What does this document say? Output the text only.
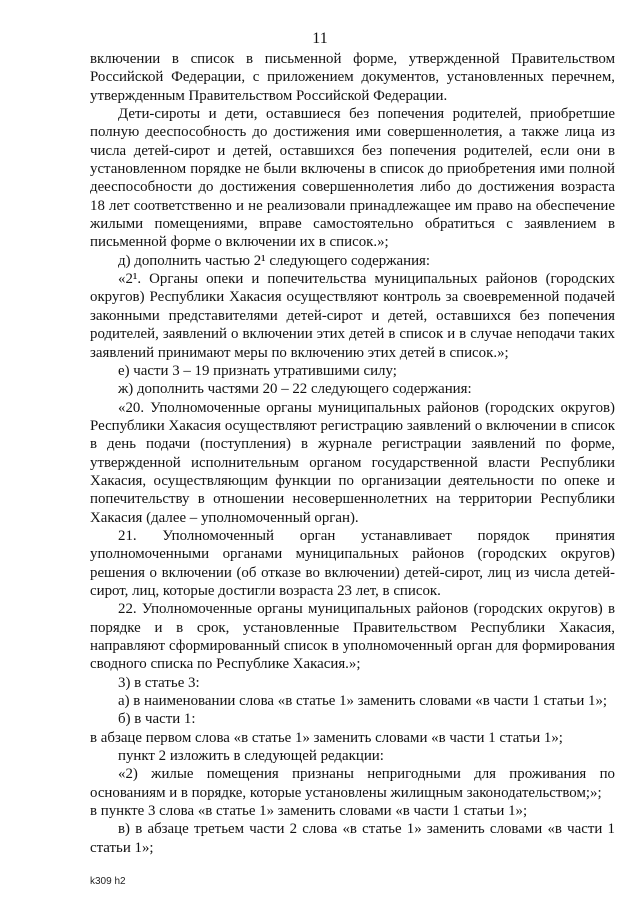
11

включении в список в письменной форме, утвержденной Правительством Российской Федерации, с приложением документов, установленных перечнем, утвержденным Правительством Российской Федерации.

Дети-сироты и дети, оставшиеся без попечения родителей, приобретшие полную дееспособность до достижения ими совершеннолетия, а также лица из числа детей-сирот и детей, оставшихся без попечения родителей, если они в установленном порядке не были включены в список до приобретения ими полной дееспособности до достижения совершеннолетия либо до достижения возраста 18 лет соответственно и не реализовали принадлежащее им право на обеспечение жилыми помещениями, вправе самостоятельно обратиться с заявлением в письменной форме о включении их в список.»;

д) дополнить частью 2¹ следующего содержания:

«2¹. Органы опеки и попечительства муниципальных районов (городских округов) Республики Хакасия осуществляют контроль за своевременной подачей законными представителями детей-сирот и детей, оставшихся без попечения родителей, заявлений о включении этих детей в список и в случае неподачи таких заявлений принимают меры по включению этих детей в список.»;

е) части 3 – 19 признать утратившими силу;

ж) дополнить частями 20 – 22 следующего содержания:

«20. Уполномоченные органы муниципальных районов (городских округов) Республики Хакасия осуществляют регистрацию заявлений о включении в список в день подачи (поступления) в журнале регистрации заявлений по форме, утвержденной исполнительным органом государственной власти Республики Хакасия, осуществляющим функции по организации деятельности по опеке и попечительству в отношении несовершеннолетних на территории Республики Хакасия (далее – уполномоченный орган).

21. Уполномоченный орган устанавливает порядок принятия уполномоченными органами муниципальных районов (городских округов) решения о включении (об отказе во включении) детей-сирот, лиц из числа детей-сирот, лиц, которые достигли возраста 23 лет, в список.

22. Уполномоченные органы муниципальных районов (городских округов) в порядке и в срок, установленные Правительством Республики Хакасия, направляют сформированный список в уполномоченный орган для формирования сводного списка по Республике Хакасия.»;

3) в статье 3:

а) в наименовании слова «в статье 1» заменить словами «в части 1 статьи 1»;

б) в части 1:

в абзаце первом слова «в статье 1» заменить словами «в части 1 статьи 1»;

пункт 2 изложить в следующей редакции:

«2) жилые помещения признаны непригодными для проживания по основаниям и в порядке, которые установлены жилищным законодательством;»;

в пункте 3 слова «в статье 1» заменить словами «в части 1 статьи 1»;

в) в абзаце третьем части 2 слова «в статье 1» заменить словами «в части 1 статьи 1»;

k309 h2
